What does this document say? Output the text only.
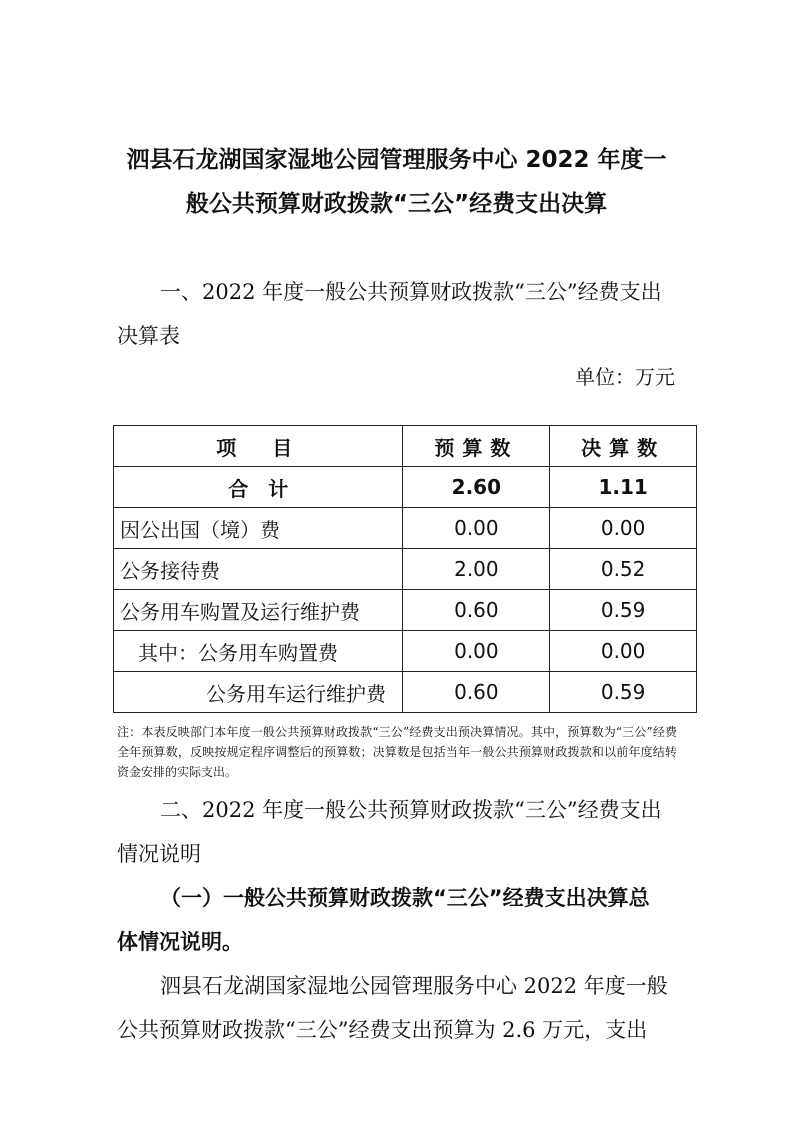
泗县石龙湖国家湿地公园管理服务中心 2022 年度一
般公共预算财政拨款“三公”经费支出决算
一、2022 年度一般公共预算财政拨款“三公”经费支出
决算表
单位：万元
项　目	预算数	决算数
合　计	2.60	1.11
因公出国（境）费	0.00	0.00
公务接待费	2.00	0.52
公务用车购置及运行维护费	0.60	0.59
其中：公务用车购置费	0.00	0.00
公务用车运行维护费	0.60	0.59
注：本表反映部门本年度一般公共预算财政拨款“三公”经费支出预决算情况。其中，预算数为“三公”经费全年预算数，反映按规定程序调整后的预算数；决算数是包括当年一般公共预算财政拨款和以前年度结转资金安排的实际支出。
二、2022 年度一般公共预算财政拨款“三公”经费支出
情况说明
（一）一般公共预算财政拨款“三公”经费支出决算总
体情况说明。
泗县石龙湖国家湿地公园管理服务中心 2022 年度一般
公共预算财政拨款“三公”经费支出预算为 2.6 万元，支出
